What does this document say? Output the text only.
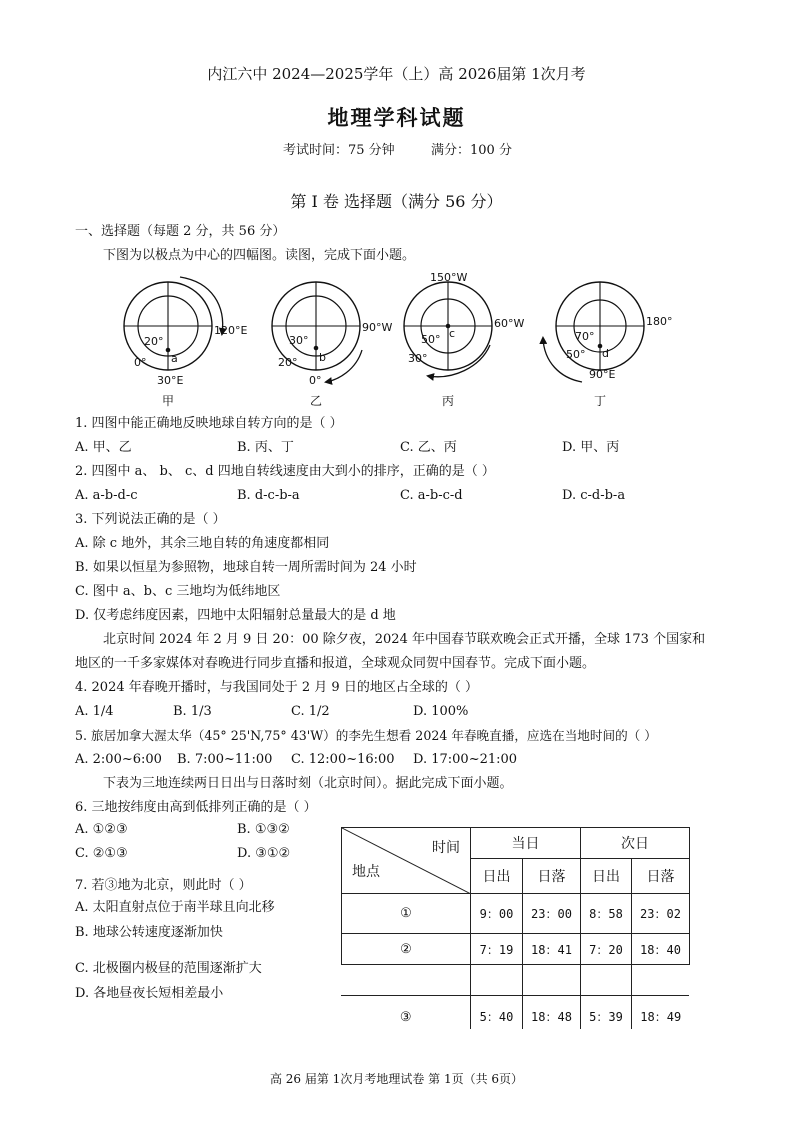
内江六中 2024—2025学年（上）高 2026届第 1次月考
地理学科试题
考试时间：75 分钟	满分：100 分
第 Ⅰ 卷 选择题（满分 56 分）
一、选择题（每题 2 分，共 56 分）
下图为以极点为中心的四幅图。读图，完成下面小题。
20°
0°
120°E
30°E
a
甲
30°
20°
90°W
0°
b
乙
150°W
50°
30°
60°W
c
丙
70°
50°
180°
90°E
d
丁
1. 四图中能正确地反映地球自转方向的是（ ）
A. 甲、乙	B. 丙、丁	C. 乙、丙	D. 甲、丙
2. 四图中 a、 b、 c、d 四地自转线速度由大到小的排序，正确的是（ ）
A. a-b-d-c	B. d-c-b-a	C. a-b-c-d	D. c-d-b-a
3. 下列说法正确的是（ ）
A. 除 c 地外，其余三地自转的角速度都相同
B. 如果以恒星为参照物，地球自转一周所需时间为 24 小时
C. 图中 a、b、c 三地均为低纬地区
D. 仅考虑纬度因素，四地中太阳辐射总量最大的是 d 地
北京时间 2024 年 2 月 9 日 20：00 除夕夜，2024 年中国春节联欢晚会正式开播，全球 173 个国家和
地区的一千多家媒体对春晚进行同步直播和报道，全球观众同贺中国春节。完成下面小题。
4. 2024 年春晚开播时，与我国同处于 2 月 9 日的地区占全球的（ ）
A. 1/4	B. 1/3	C. 1/2	D. 100%
5. 旅居加拿大渥太华（45° 25'N,75° 43'W）的李先生想看 2024 年春晚直播，应选在当地时间的（ ）
A. 2:00~6:00 B. 7:00~11:00 C. 12:00~16:00 D. 17:00~21:00
下表为三地连续两日日出与日落时刻（北京时间）。据此完成下面小题。
6. 三地按纬度由高到低排列正确的是（ ）
A. ①②③	B. ①③②
C. ②①③	D. ③①②
7. 若③地为北京，则此时（ ）
A. 太阳直射点位于南半球且向北移
B. 地球公转速度逐渐加快
C. 北极圈内极昼的范围逐渐扩大
D. 各地昼夜长短相差最小
时间
地点	当日		次日	
	日出	日落	日出	日落
①	9：00	23：00	8：58	23：02
②	7：19	18：41	7：20	18：40
③	5：40	18：48	5：39	18：49
高 26 届第 1次月考地理试卷 第 1页（共 6页）
